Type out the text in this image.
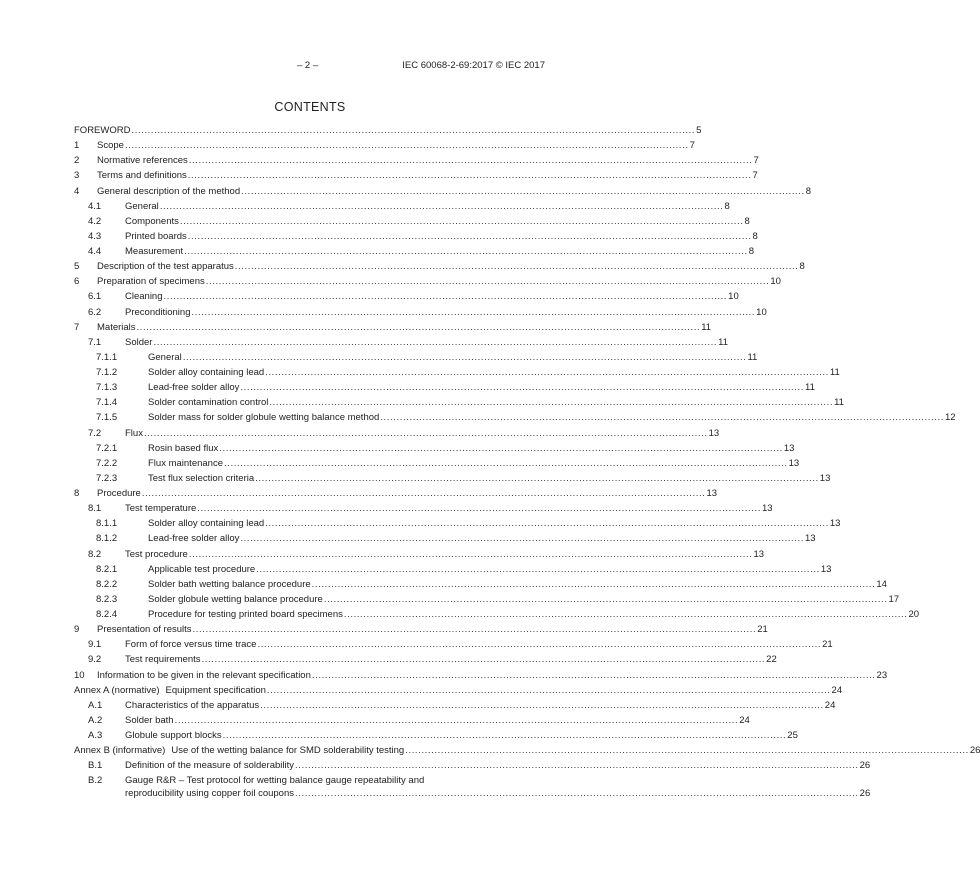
– 2 –	IEC 60068-2-69:2017 © IEC 2017
CONTENTS
FOREWORD .............................................................................................................................................................................. 5
1 Scope .............................................................................................................................................................................. 7
2 Normative references .............................................................................................................................................................................. 7
3 Terms and definitions .............................................................................................................................................................................. 7
4 General description of the method .............................................................................................................................................................................. 8
4.1	General .............................................................................................................................................................................. 8
4.2	Components .............................................................................................................................................................................. 8
4.3	Printed boards .............................................................................................................................................................................. 8
4.4	Measurement .............................................................................................................................................................................. 8
5 Description of the test apparatus .............................................................................................................................................................................. 8
6 Preparation of specimens .............................................................................................................................................................................. 10
6.1	Cleaning .............................................................................................................................................................................. 10
6.2	Preconditioning .............................................................................................................................................................................. 10
7 Materials .............................................................................................................................................................................. 11
7.1	Solder .............................................................................................................................................................................. 11
7.1.1	General .............................................................................................................................................................................. 11
7.1.2	Solder alloy containing lead .............................................................................................................................................................................. 11
7.1.3	Lead-free solder alloy .............................................................................................................................................................................. 11
7.1.4	Solder contamination control .............................................................................................................................................................................. 11
7.1.5	Solder mass for solder globule wetting balance method .............................................................................................................................................................................. 12
7.2	Flux .............................................................................................................................................................................. 13
7.2.1	Rosin based flux .............................................................................................................................................................................. 13
7.2.2	Flux maintenance .............................................................................................................................................................................. 13
7.2.3	Test flux selection criteria .............................................................................................................................................................................. 13
8 Procedure .............................................................................................................................................................................. 13
8.1	Test temperature .............................................................................................................................................................................. 13
8.1.1	Solder alloy containing lead .............................................................................................................................................................................. 13
8.1.2	Lead-free solder alloy .............................................................................................................................................................................. 13
8.2	Test procedure .............................................................................................................................................................................. 13
8.2.1	Applicable test procedure .............................................................................................................................................................................. 13
8.2.2	Solder bath wetting balance procedure .............................................................................................................................................................................. 14
8.2.3	Solder globule wetting balance procedure .............................................................................................................................................................................. 17
8.2.4	Procedure for testing printed board specimens .............................................................................................................................................................................. 20
9 Presentation of results .............................................................................................................................................................................. 21
9.1	Form of force versus time trace .............................................................................................................................................................................. 21
9.2	Test requirements .............................................................................................................................................................................. 22
10 Information to be given in the relevant specification .............................................................................................................................................................................. 23
Annex A (normative) Equipment specification .............................................................................................................................................................................. 24
A.1 Characteristics of the apparatus .............................................................................................................................................................................. 24
A.2 Solder bath .............................................................................................................................................................................. 24
A.3 Globule support blocks .............................................................................................................................................................................. 25
Annex B (informative) Use of the wetting balance for SMD solderability testing .............................................................................................................................................................................. 26
B.1 Definition of the measure of solderability .............................................................................................................................................................................. 26
B.2 Gauge R&R – Test protocol for wetting balance gauge repeatability and
reproducibility using copper foil coupons .............................................................................................................................................................................. 26
